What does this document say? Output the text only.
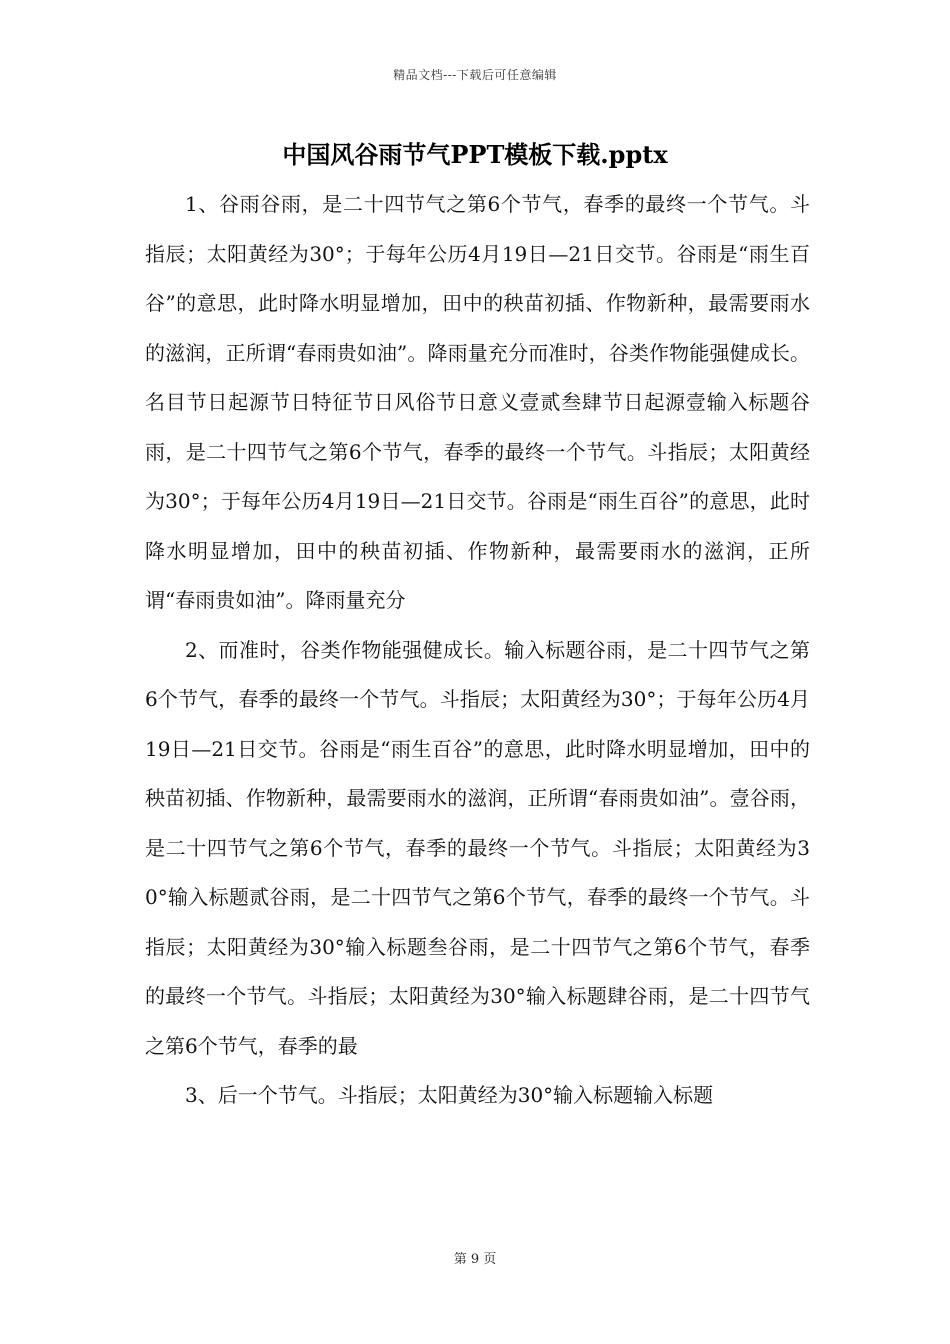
精品文档---下载后可任意编辑
中国风谷雨节气PPT模板下载.pptx

1、谷雨谷雨，是二十四节气之第6个节气，春季的最终一个节气。斗指辰；太阳黄经为30°；于每年公历4月19日—21日交节。谷雨是“雨生百谷”的意思，此时降水明显增加，田中的秧苗初插、作物新种，最需要雨水的滋润，正所谓“春雨贵如油”。降雨量充分而准时，谷类作物能强健成长。名目节日起源节日特征节日风俗节日意义壹贰叁肆节日起源壹输入标题谷雨，是二十四节气之第6个节气，春季的最终一个节气。斗指辰；太阳黄经为30°；于每年公历4月19日—21日交节。谷雨是“雨生百谷”的意思，此时降水明显增加，田中的秧苗初插、作物新种，最需要雨水的滋润，正所谓“春雨贵如油”。降雨量充分

2、而准时，谷类作物能强健成长。输入标题谷雨，是二十四节气之第6个节气，春季的最终一个节气。斗指辰；太阳黄经为30°；于每年公历4月19日—21日交节。谷雨是“雨生百谷”的意思，此时降水明显增加，田中的秧苗初插、作物新种，最需要雨水的滋润，正所谓“春雨贵如油”。壹谷雨，是二十四节气之第6个节气，春季的最终一个节气。斗指辰；太阳黄经为30°输入标题贰谷雨，是二十四节气之第6个节气，春季的最终一个节气。斗指辰；太阳黄经为30°输入标题叁谷雨，是二十四节气之第6个节气，春季的最终一个节气。斗指辰；太阳黄经为30°输入标题肆谷雨，是二十四节气之第6个节气，春季的最

3、后一个节气。斗指辰；太阳黄经为30°输入标题输入标题

第 9 页
